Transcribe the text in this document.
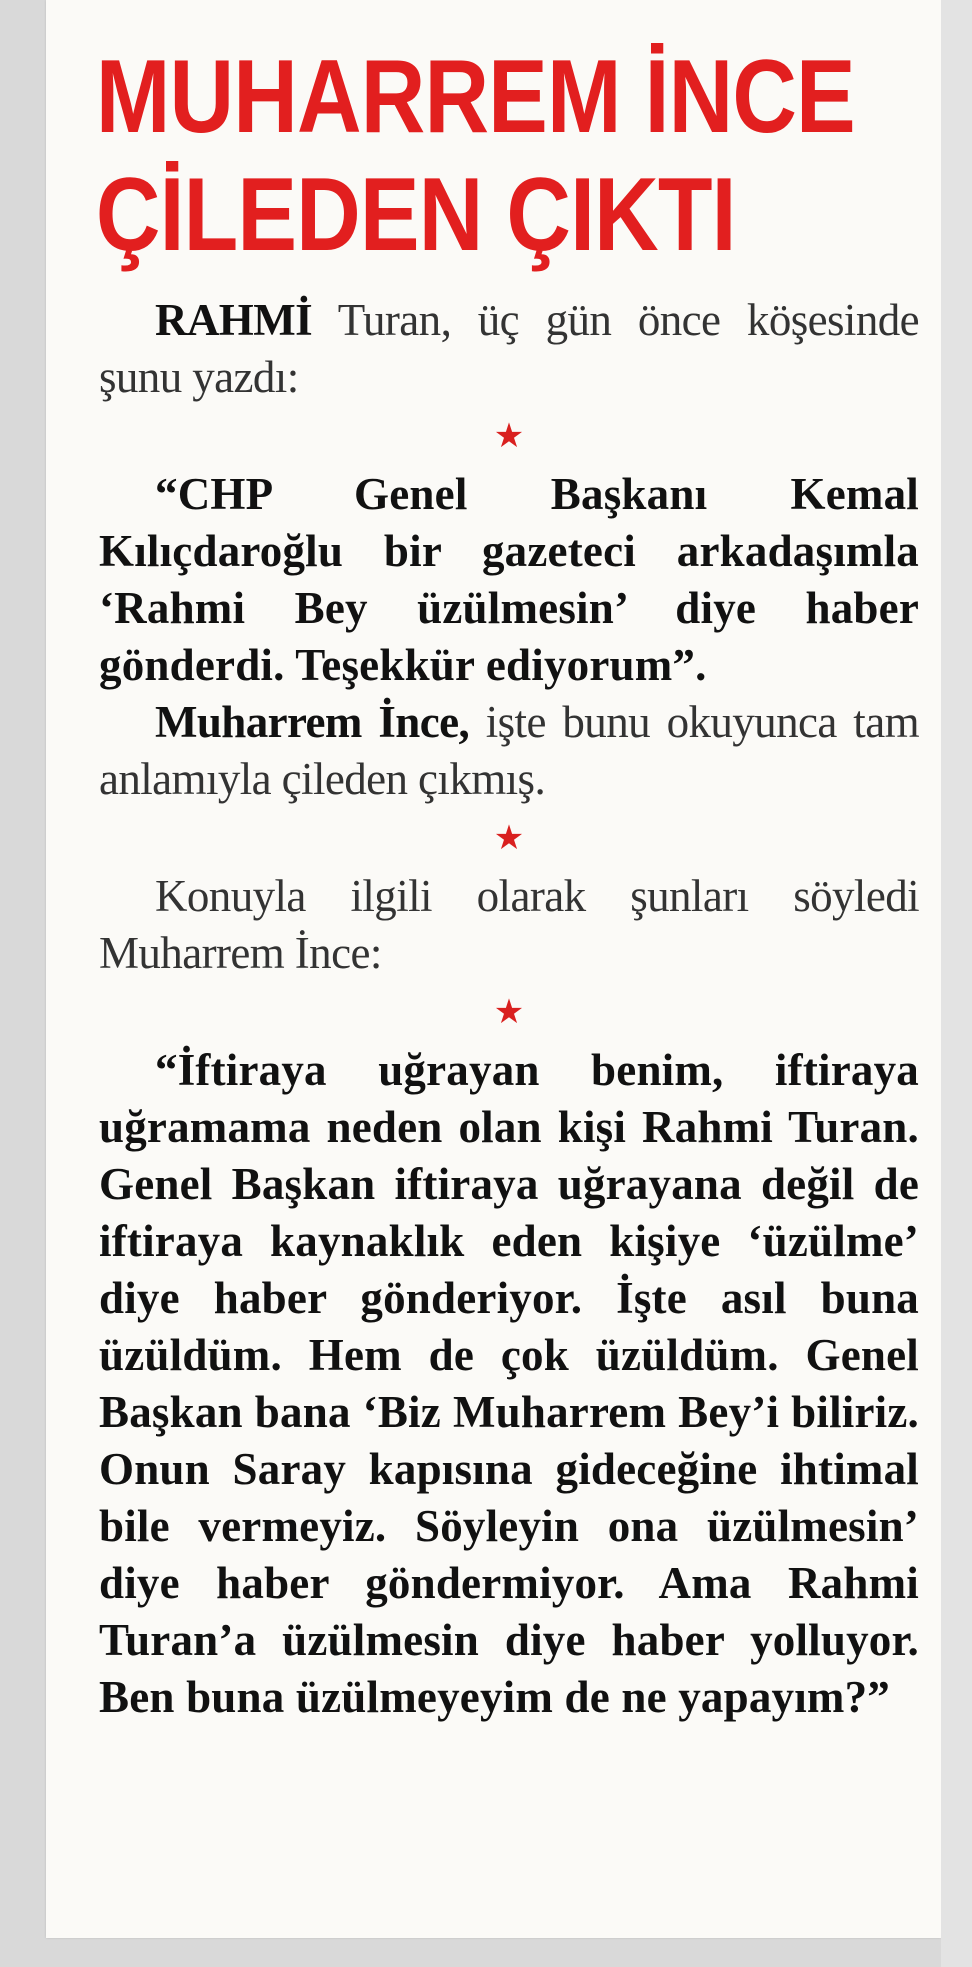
MUHARREM İNCE
ÇİLEDEN ÇIKTI

RAHMİ Turan, üç gün önce köşesinde şunu yazdı:

★

“CHP Genel Başkanı Kemal Kılıçdaroğlu bir gazeteci arkadaşımla ‘Rahmi Bey üzülmesin’ diye haber gönderdi. Teşekkür ediyorum”.

Muharrem İnce, işte bunu okuyunca tam anlamıyla çileden çıkmış.

★

Konuyla ilgili olarak şunları söyledi Muharrem İnce:

★

“İftiraya uğrayan benim, iftiraya uğramama neden olan kişi Rahmi Turan. Genel Başkan iftiraya uğrayana değil de iftiraya kaynaklık eden kişiye ‘üzülme’ diye haber gönderiyor. İşte asıl buna üzüldüm. Hem de çok üzüldüm. Genel Başkan bana ‘Biz Muharrem Bey’i biliriz. Onun Saray kapısına gideceğine ihtimal bile vermeyiz. Söyleyin ona üzülmesin’ diye haber göndermiyor. Ama Rahmi Turan’a üzülmesin diye haber yolluyor. Ben buna üzülmeyeyim de ne yapayım?”
